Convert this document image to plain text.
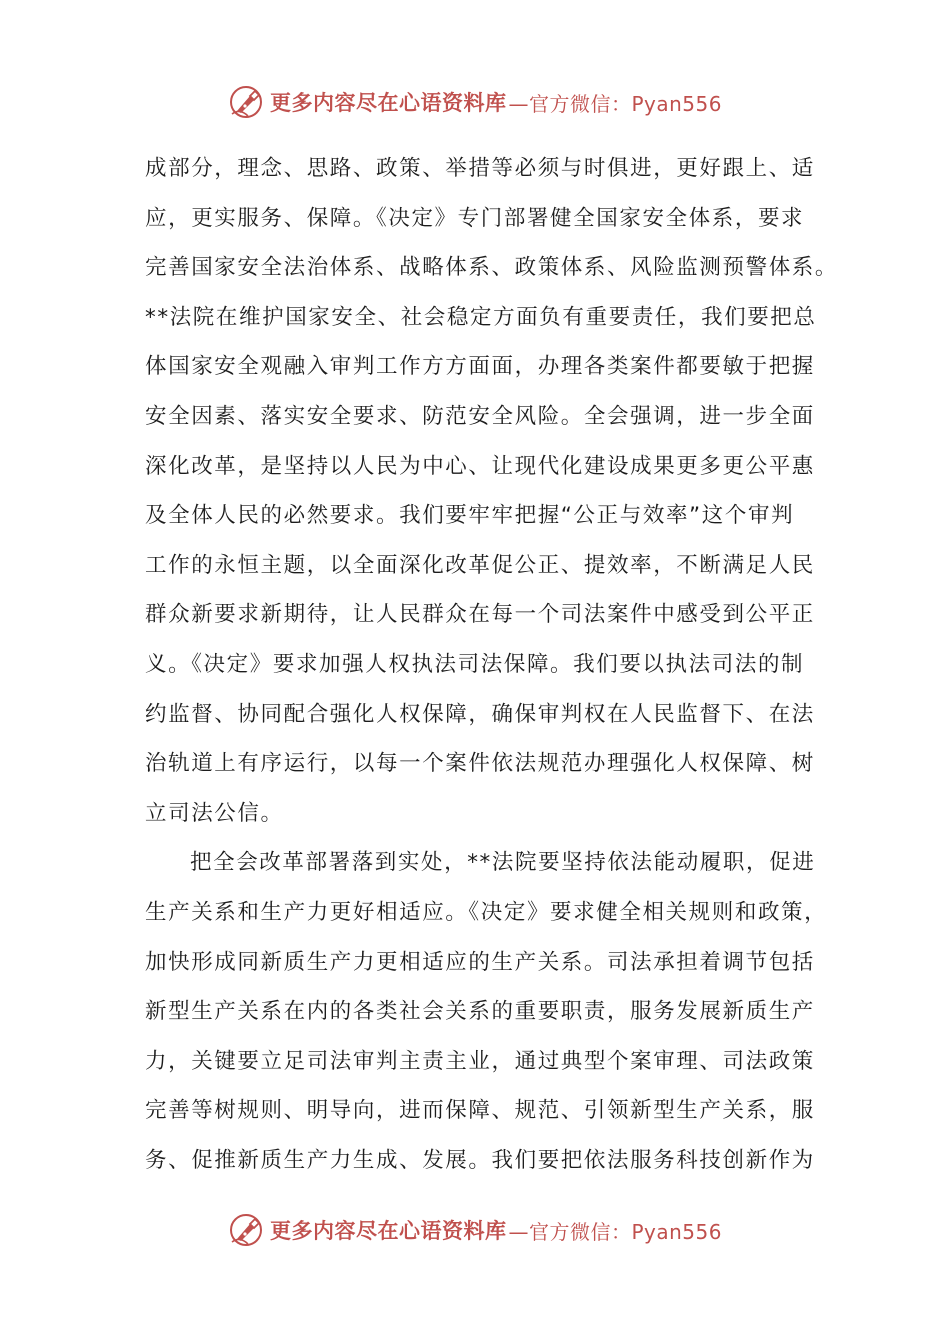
更多内容尽在心语资料库 —官方微信：Pyan556
成部分，理念、思路、政策、举措等必须与时俱进，更好跟上、适
应，更实服务、保障。《决定》专门部署健全国家安全体系，要求
完善国家安全法治体系、战略体系、政策体系、风险监测预警体系。
**法院在维护国家安全、社会稳定方面负有重要责任，我们要把总
体国家安全观融入审判工作方方面面，办理各类案件都要敏于把握
安全因素、落实安全要求、防范安全风险。全会强调，进一步全面
深化改革，是坚持以人民为中心、让现代化建设成果更多更公平惠
及全体人民的必然要求。我们要牢牢把握“公正与效率”这个审判
工作的永恒主题，以全面深化改革促公正、提效率，不断满足人民
群众新要求新期待，让人民群众在每一个司法案件中感受到公平正
义。《决定》要求加强人权执法司法保障。我们要以执法司法的制
约监督、协同配合强化人权保障，确保审判权在人民监督下、在法
治轨道上有序运行，以每一个案件依法规范办理强化人权保障、树
立司法公信。
把全会改革部署落到实处，**法院要坚持依法能动履职，促进
生产关系和生产力更好相适应。《决定》要求健全相关规则和政策，
加快形成同新质生产力更相适应的生产关系。司法承担着调节包括
新型生产关系在内的各类社会关系的重要职责，服务发展新质生产
力，关键要立足司法审判主责主业，通过典型个案审理、司法政策
完善等树规则、明导向，进而保障、规范、引领新型生产关系，服
务、促推新质生产力生成、发展。我们要把依法服务科技创新作为
更多内容尽在心语资料库 —官方微信：Pyan556
